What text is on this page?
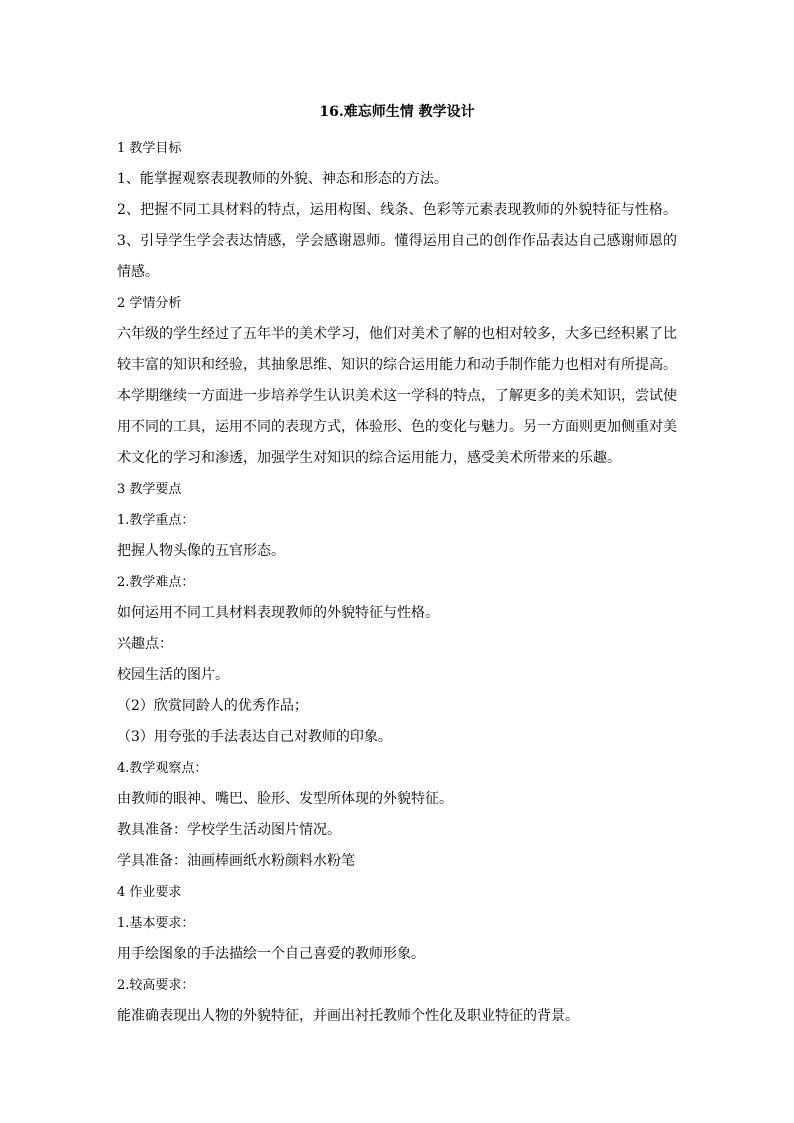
16.难忘师生情 教学设计
1 教学目标
1、能掌握观察表现教师的外貌、神态和形态的方法。
2、把握不同工具材料的特点，运用构图、线条、色彩等元素表现教师的外貌特征与性格。
3、引导学生学会表达情感，学会感谢恩师。懂得运用自己的创作作品表达自己感谢师恩的
情感。
2 学情分析
六年级的学生经过了五年半的美术学习，他们对美术了解的也相对较多，大多已经积累了比
较丰富的知识和经验，其抽象思维、知识的综合运用能力和动手制作能力也相对有所提高。
本学期继续一方面进一步培养学生认识美术这一学科的特点，了解更多的美术知识，尝试使
用不同的工具，运用不同的表现方式，体验形、色的变化与魅力。另一方面则更加侧重对美
术文化的学习和渗透，加强学生对知识的综合运用能力，感受美术所带来的乐趣。
3 教学要点
1.教学重点：
把握人物头像的五官形态。
2.教学难点：
如何运用不同工具材料表现教师的外貌特征与性格。
兴趣点：
校园生活的图片。
（2）欣赏同龄人的优秀作品；
（3）用夸张的手法表达自己对教师的印象。
4.教学观察点：
由教师的眼神、嘴巴、脸形、发型所体现的外貌特征。
教具准备：学校学生活动图片情况。
学具准备：油画棒画纸水粉颜料水粉笔
4 作业要求
1.基本要求：
用手绘图象的手法描绘一个自己喜爱的教师形象。
2.较高要求：
能准确表现出人物的外貌特征，并画出衬托教师个性化及职业特征的背景。
